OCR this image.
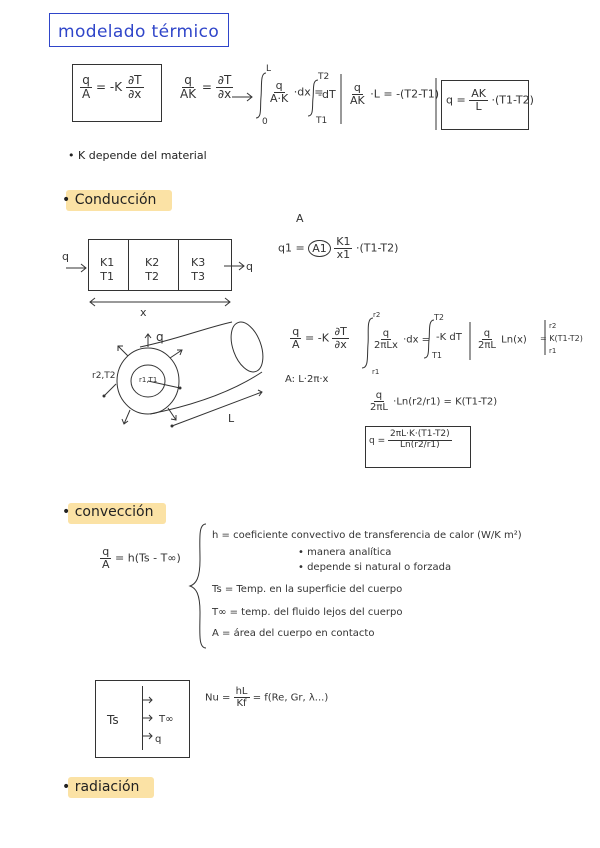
modelado térmico
$\frac{q}{A} = -K \frac{\partial T}{\partial x}$	$\frac{q}{AK} = \frac{\partial T}{\partial x}$
L
0
$\frac{q}{A\cdot K} \cdot dx$ =
T2
T1
$-dT \frac{q}{AK} \cdot L = -(T2-T1) q = \frac{AK}{L} \cdot(T1-T2)$
• K depende del material
• Conducción
A
$q1 = A1 \frac{K1}{x1} \cdot(T1-T2)$
K1
T1
K2
T2
K3
T3
q
q
x
q
r2,T2	r1,T1
L
A: L·2π·x
$\frac{q}{A} = -K \frac{\partial T}{\partial x}$
r2
r1
$\frac{q}{\text{2πLx}} \cdot dx$ =
T2
T1
-K dT $\frac{q}{2\pi L} Ln(x)$
r2
r1
= K(T1-T2)
$\frac{q}{2\pi L} \cdot Ln(r2/r1) = K(T1-T2)$
$q = \frac{2\pi L\cdot K\cdot(T1-T2)}{Ln(r2/r1)}$
• convección
$\frac{q}{A} = h(Ts - T\infty)$
h = coeficiente convectivo de transferencia de calor (W/K m²)
• manera analítica
• depende si natural o forzada
Ts = Temp. en la superficie del cuerpo
T∞ = temp. del fluido lejos del cuerpo
A = área del cuerpo en contacto
Ts	T∞
q
$Nu = \frac{hL}{Kf} = f(Re$, Gr, λ...)
• radiación
